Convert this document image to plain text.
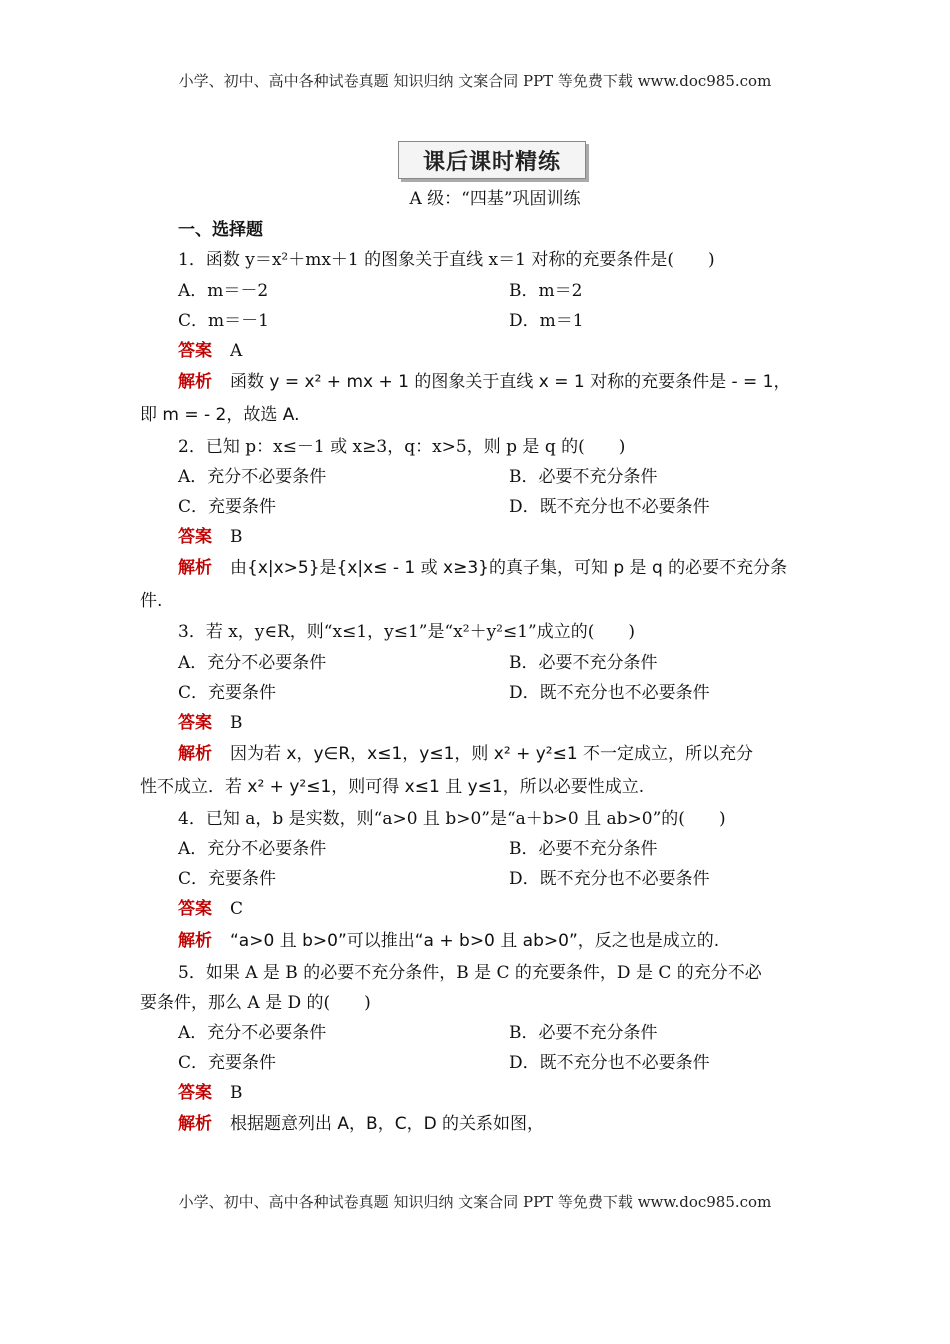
小学、初中、高中各种试卷真题 知识归纳 文案合同 PPT 等免费下载 www.doc985.com
课后课时精练
A 级：“四基”巩固训练
一、选择题
1．函数 y＝x²＋mx＋1 的图象关于直线 x＝1 对称的充要条件是(　　)
A．m＝－2	B．m＝2
C．m＝－1	D．m＝1
答案 A
解析 函数 y = x² + mx + 1 的图象关于直线 x = 1 对称的充要条件是 - = 1，
即 m = - 2，故选 A.
2．已知 p：x≤－1 或 x≥3，q：x>5，则 p 是 q 的(　　)
A．充分不必要条件	B．必要不充分条件
C．充要条件	D．既不充分也不必要条件
答案 B
解析 由{x|x>5}是{x|x≤ - 1 或 x≥3}的真子集，可知 p 是 q 的必要不充分条
件.
3．若 x，y∈R，则“x≤1，y≤1”是“x²＋y²≤1”成立的(　　)
A．充分不必要条件	B．必要不充分条件
C．充要条件	D．既不充分也不必要条件
答案 B
解析 因为若 x，y∈R，x≤1，y≤1，则 x² + y²≤1 不一定成立，所以充分
性不成立．若 x² + y²≤1，则可得 x≤1 且 y≤1，所以必要性成立.
4．已知 a，b 是实数，则“a>0 且 b>0”是“a＋b>0 且 ab>0”的(　　)
A．充分不必要条件	B．必要不充分条件
C．充要条件	D．既不充分也不必要条件
答案 C
解析 “a>0 且 b>0”可以推出“a + b>0 且 ab>0”，反之也是成立的.
5．如果 A 是 B 的必要不充分条件，B 是 C 的充要条件，D 是 C 的充分不必
要条件，那么 A 是 D 的(　　)
A．充分不必要条件	B．必要不充分条件
C．充要条件	D．既不充分也不必要条件
答案 B
解析 根据题意列出 A，B，C，D 的关系如图，
小学、初中、高中各种试卷真题 知识归纳 文案合同 PPT 等免费下载 www.doc985.com
